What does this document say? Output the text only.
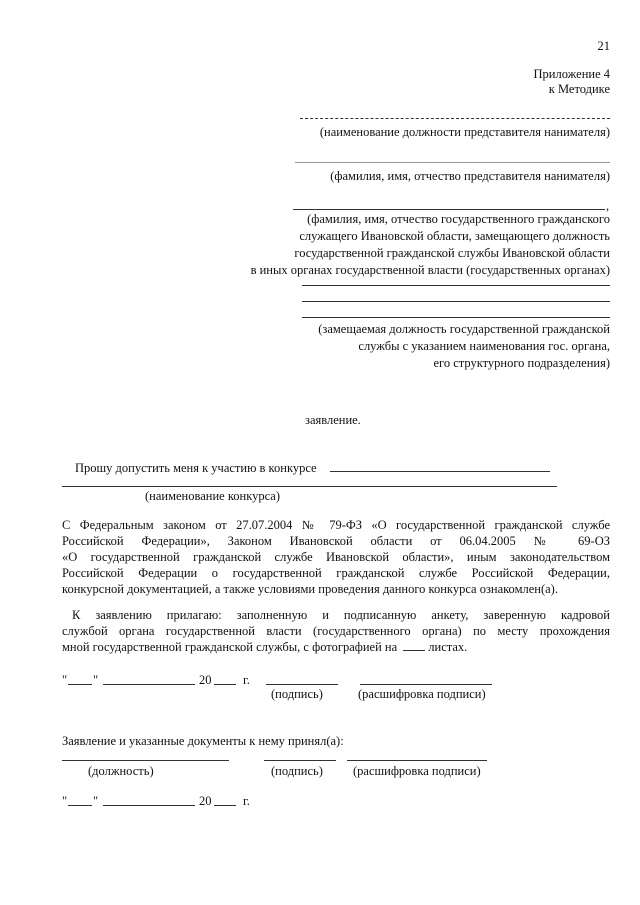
21
Приложение 4
к Методике
(наименование должности представителя нанимателя)
(фамилия, имя, отчество представителя нанимателя)
,
(фамилия, имя, отчество государственного гражданского
служащего Ивановской области, замещающего должность
государственной гражданской службы Ивановской области
в иных органах государственной власти (государственных органах)
(замещаемая должность государственной гражданской
службы с указанием наименования гос. органа,
его структурного подразделения)
заявление.
Прошу допустить меня к участию в конкурсе
(наименование конкурса)
С Федеральным законом от 27.07.2004 № 79-ФЗ «О государственной гражданской службе
Российской Федерации», Законом Ивановской области от 06.04.2005 № 69-ОЗ
«О государственной гражданской службе Ивановской области», иным законодательством
Российской Федерации о государственной гражданской службе Российской Федерации,
конкурсной документацией, а также условиями проведения данного конкурса ознакомлен(а).
К заявлению прилагаю: заполненную и подписанную анкету, заверенную кадровой
службой органа государственной власти (государственного органа) по месту прохождения
мной государственной гражданской службы, с фотографией на листах.
" "	20	г.
(подпись)	(расшифровка подписи)
Заявление и указанные документы к нему принял(а):
(должность)	(подпись) (расшифровка подписи)
" "	20	г.
